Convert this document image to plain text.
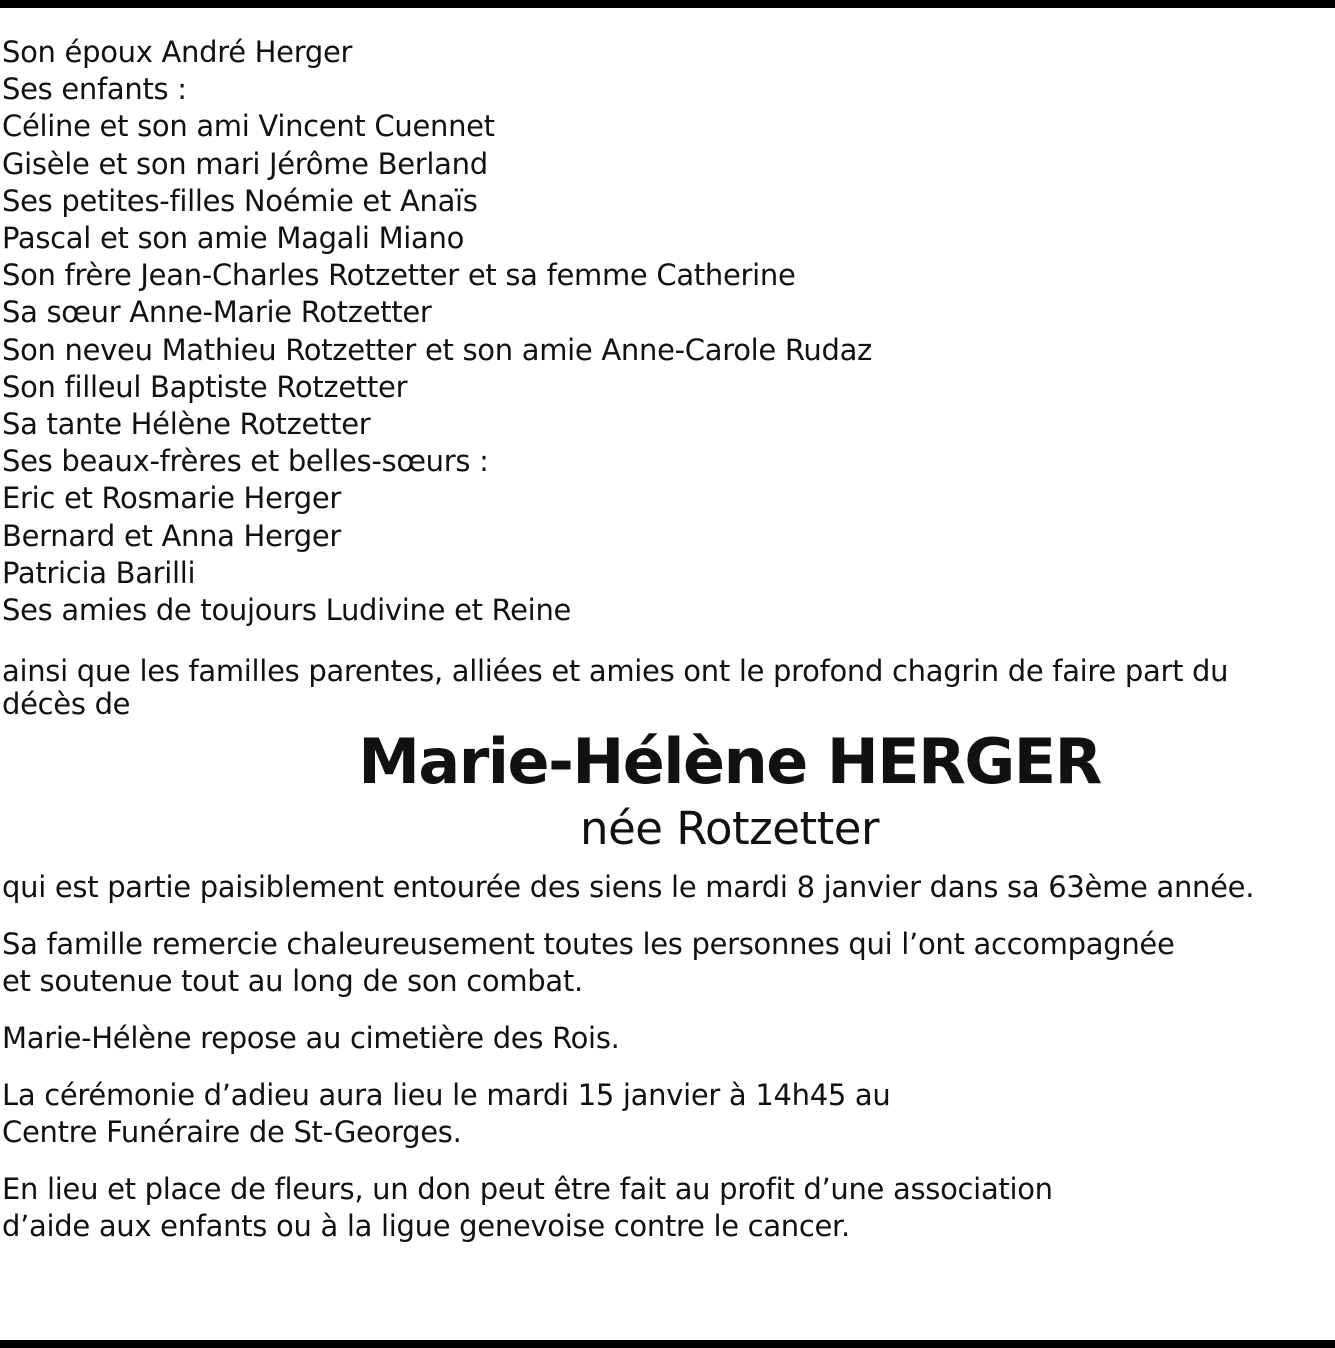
Son époux André Herger
Ses enfants :
Céline et son ami Vincent Cuennet
Gisèle et son mari Jérôme Berland
Ses petites-filles Noémie et Anaïs
Pascal et son amie Magali Miano
Son frère Jean-Charles Rotzetter et sa femme Catherine
Sa sœur Anne-Marie Rotzetter
Son neveu Mathieu Rotzetter et son amie Anne-Carole Rudaz
Son filleul Baptiste Rotzetter
Sa tante Hélène Rotzetter
Ses beaux-frères et belles-sœurs :
Eric et Rosmarie Herger
Bernard et Anna Herger
Patricia Barilli
Ses amies de toujours Ludivine et Reine
ainsi que les familles parentes, alliées et amies ont le profond chagrin de faire part du
décès de
Marie-Hélène HERGER
née Rotzetter
qui est partie paisiblement entourée des siens le mardi 8 janvier dans sa 63ème année.
Sa famille remercie chaleureusement toutes les personnes qui l’ont accompagnée
et soutenue tout au long de son combat.
Marie-Hélène repose au cimetière des Rois.
La cérémonie d’adieu aura lieu le mardi 15 janvier à 14h45 au
Centre Funéraire de St-Georges.
En lieu et place de fleurs, un don peut être fait au profit d’une association
d’aide aux enfants ou à la ligue genevoise contre le cancer.
